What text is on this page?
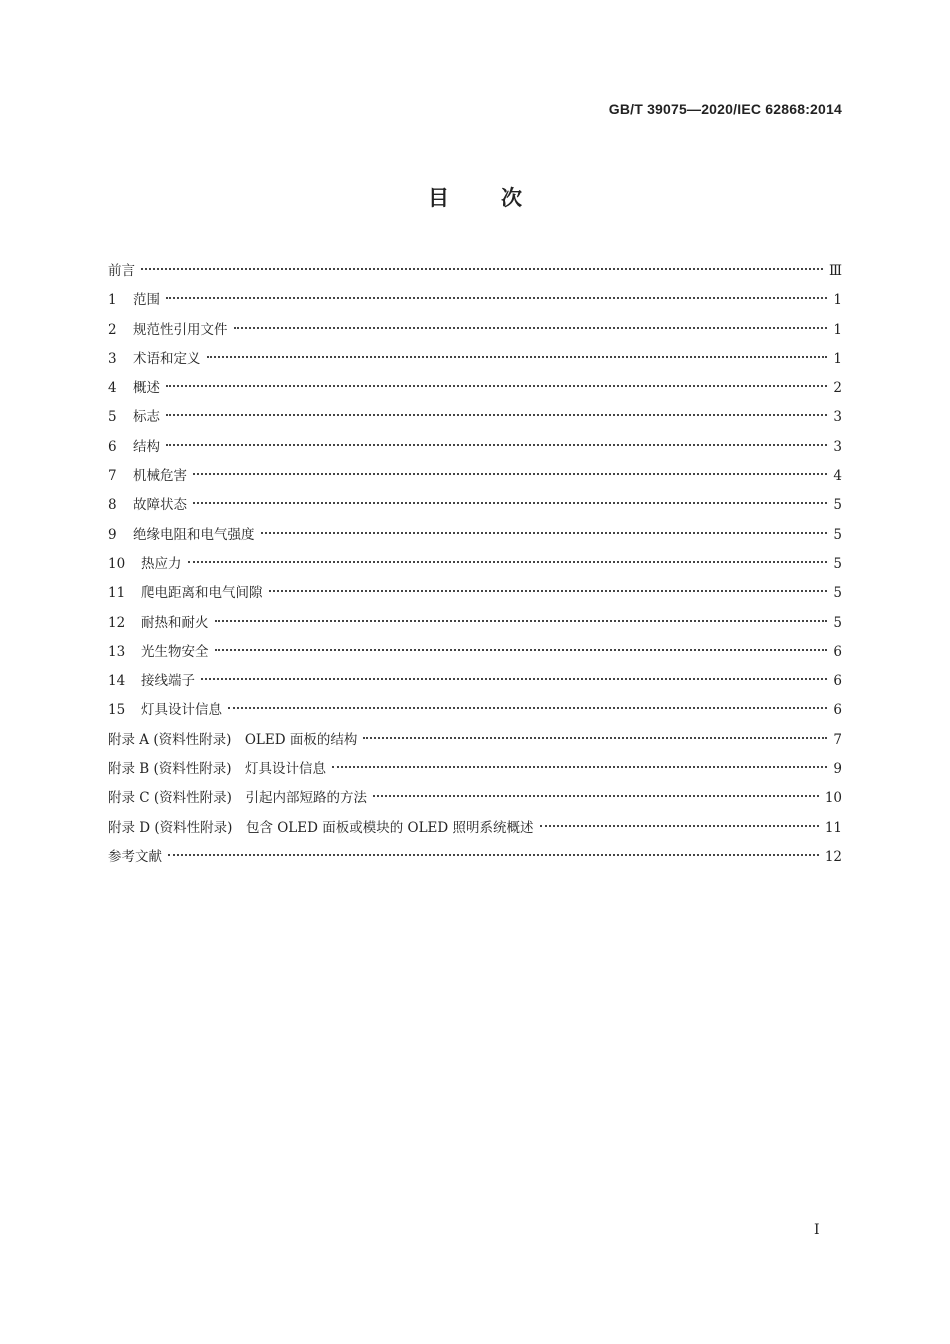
GB/T 39075—2020/IEC 62868:2014
目 次
前言	Ⅲ
1	范围	1
2	规范性引用文件	1
3	术语和定义	1
4	概述	2
5	标志	3
6	结构	3
7	机械危害	4
8	故障状态	5
9	绝缘电阻和电气强度	5
10	热应力	5
11	爬电距离和电气间隙	5
12	耐热和耐火	5
13	光生物安全	6
14	接线端子	6
15	灯具设计信息	6
附录 A (资料性附录)　OLED 面板的结构	7
附录 B (资料性附录)　灯具设计信息	9
附录 C (资料性附录)　引起内部短路的方法	10
附录 D (资料性附录)　包含 OLED 面板或模块的 OLED 照明系统概述	11
参考文献	12
I
